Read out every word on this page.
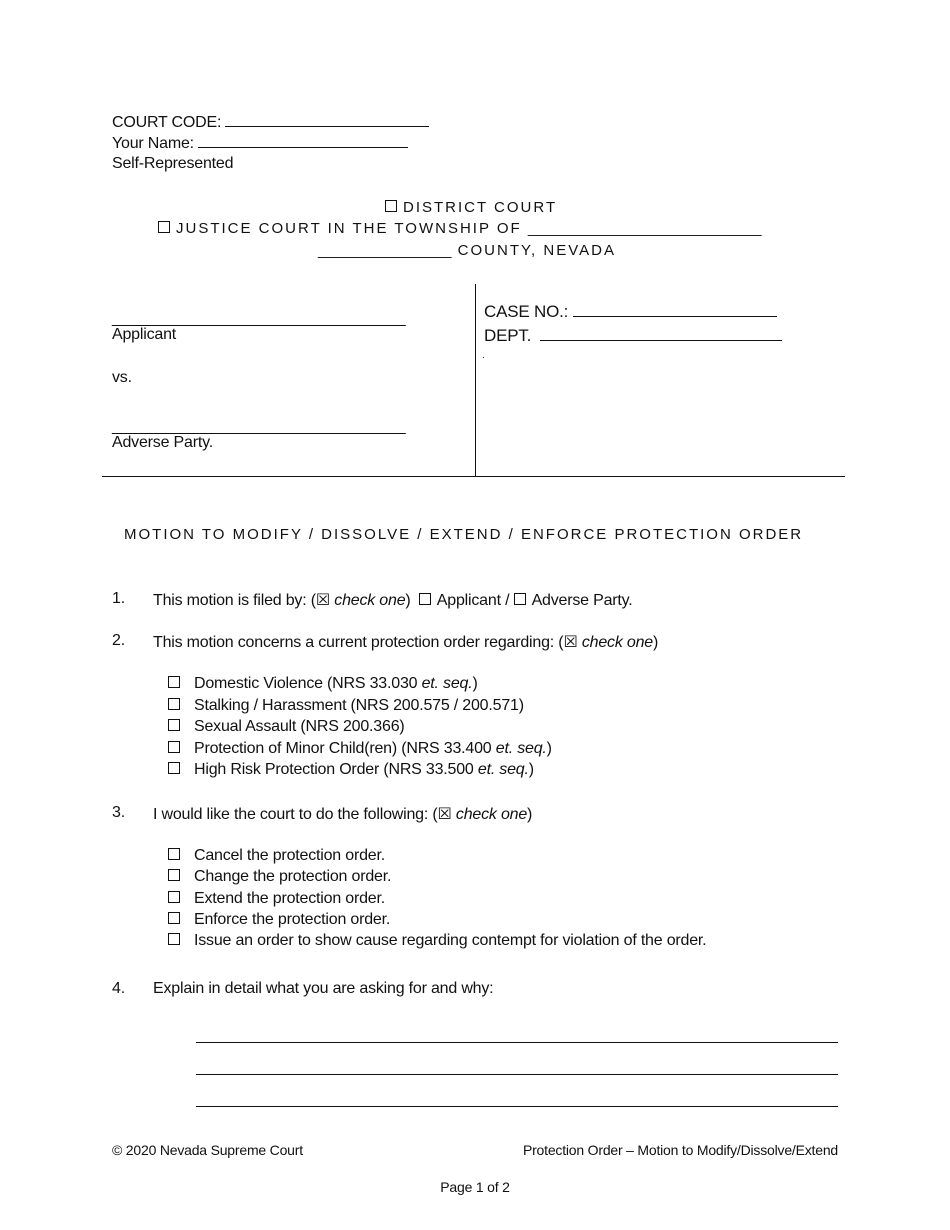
COURT CODE:
Your Name:
Self-Represented
DISTRICT COURT
JUSTICE COURT IN THE TOWNSHIP OF ____________________________
________________ COUNTY, NEVADA
_________________________________
Applicant
vs.
_________________________________
Adverse Party.
CASE NO.:
DEPT.
.
MOTION TO MODIFY / DISSOLVE / EXTEND / ENFORCE PROTECTION ORDER
1. This motion is filed by: (☒ check one) Applicant / Adverse Party.
2. This motion concerns a current protection order regarding: (☒ check one)
Domestic Violence (NRS 33.030 et. seq.)
Stalking / Harassment (NRS 200.575 / 200.571)
Sexual Assault (NRS 200.366)
Protection of Minor Child(ren) (NRS 33.400 et. seq.)
High Risk Protection Order (NRS 33.500 et. seq.)
3. I would like the court to do the following: (☒ check one)
Cancel the protection order.
Change the protection order.
Extend the protection order.
Enforce the protection order.
Issue an order to show cause regarding contempt for violation of the order.
4. Explain in detail what you are asking for and why:
© 2020 Nevada Supreme Court	Protection Order – Motion to Modify/Dissolve/Extend
Page 1 of 2
